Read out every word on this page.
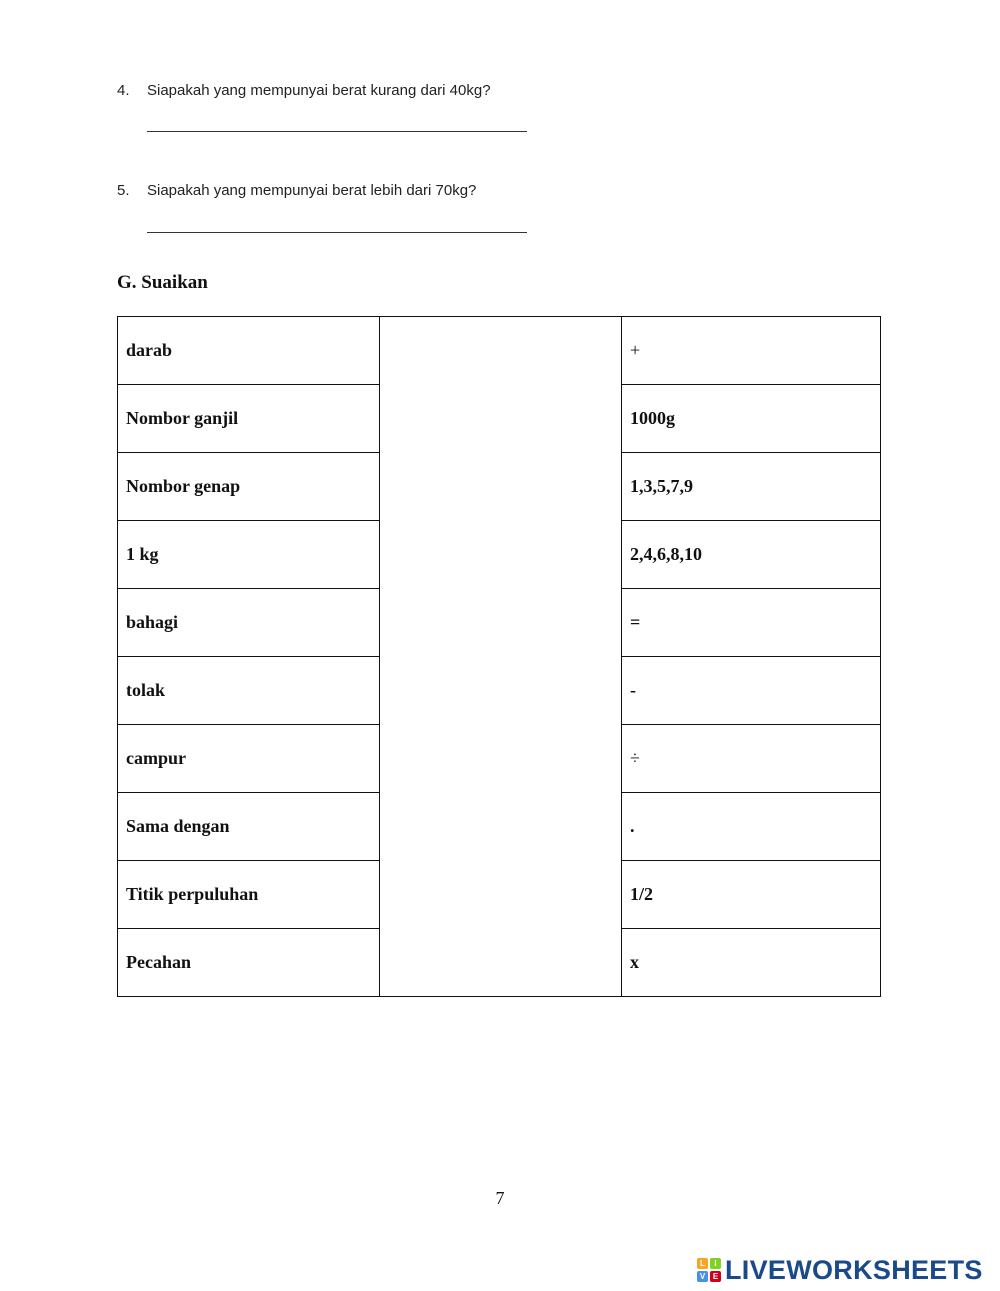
4. Siapakah yang mempunyai berat kurang dari 40kg?
5. Siapakah yang mempunyai berat lebih dari 70kg?
G. Suaikan
darab		+
Nombor ganjil		1000g
Nombor genap		1,3,5,7,9
1 kg		2,4,6,8,10
bahagi		=
tolak		-
campur		÷
Sama dengan		.
Titik perpuluhan		1/2
Pecahan		x
7
L	I
V E LIVEWORKSHEETS
